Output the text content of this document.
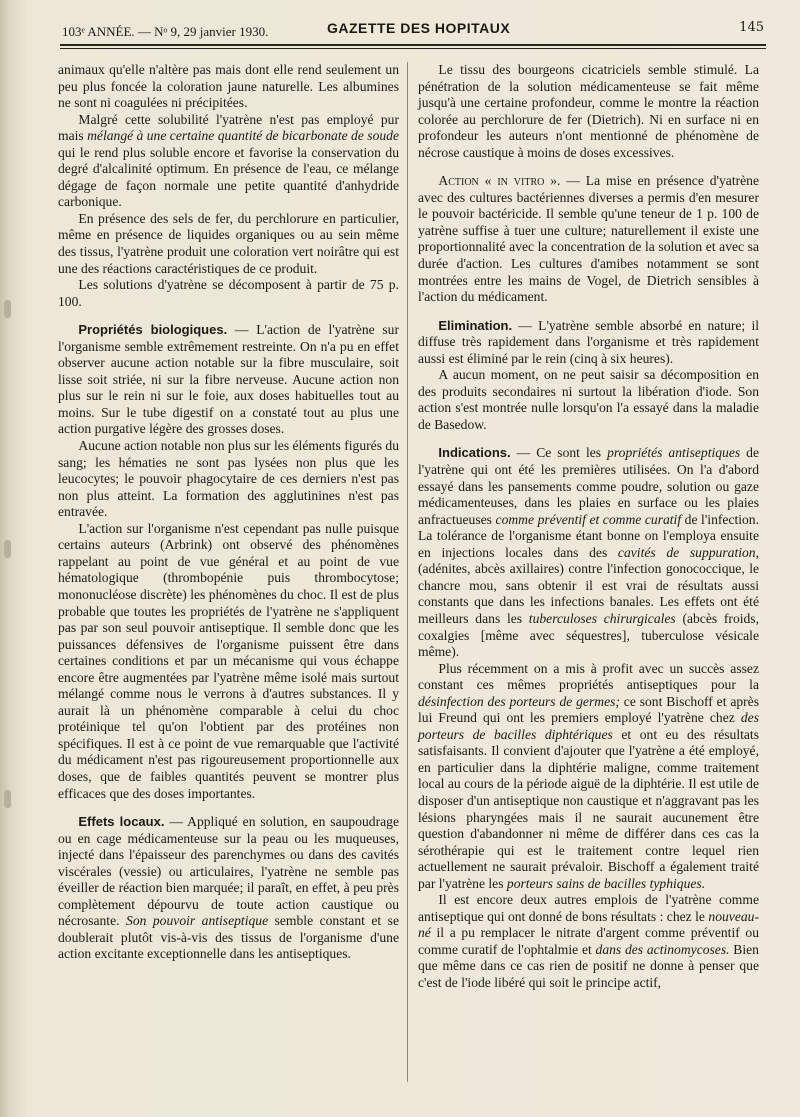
103ᵉ ANNÉE. — Nᵒ 9, 29 janvier 1930.	GAZETTE DES HOPITAUX	145

animaux qu'elle n'altère pas mais dont elle rend seulement un peu plus foncée la coloration jaune naturelle. Les albumines ne sont ni coagulées ni précipitées.

Malgré cette solubilité l'yatrène n'est pas employé pur mais mélangé à une certaine quantité de bicarbonate de soude qui le rend plus soluble encore et favorise la conservation du degré d'alcalinité optimum. En présence de l'eau, ce mélange dégage de façon normale une petite quantité d'anhydride carbonique.

En présence des sels de fer, du perchlorure en particulier, même en présence de liquides organiques ou au sein même des tissus, l'yatrène produit une coloration vert noirâtre qui est une des réactions caractéristiques de ce produit.

Les solutions d'yatrène se décomposent à partir de 75 p. 100.

Propriétés biologiques. — L'action de l'yatrène sur l'organisme semble extrêmement restreinte. On n'a pu en effet observer aucune action notable sur la fibre musculaire, soit lisse soit striée, ni sur la fibre nerveuse. Aucune action non plus sur le rein ni sur le foie, aux doses habituelles tout au moins. Sur le tube digestif on a constaté tout au plus une action purgative légère des grosses doses.

Aucune action notable non plus sur les éléments figurés du sang; les hématies ne sont pas lysées non plus que les leucocytes; le pouvoir phagocytaire de ces derniers n'est pas non plus atteint. La formation des agglutinines n'est pas entravée.

L'action sur l'organisme n'est cependant pas nulle puisque certains auteurs (Arbrink) ont observé des phénomènes rappelant au point de vue général et au point de vue hématologique (thrombopénie puis thrombocytose; mononucléose discrète) les phénomènes du choc. Il est de plus probable que toutes les propriétés de l'yatrène ne s'appliquent pas par son seul pouvoir antiseptique. Il semble donc que les puissances défensives de l'organisme puissent être dans certaines conditions et par un mécanisme qui vous échappe encore être augmentées par l'yatrène même isolé mais surtout mélangé comme nous le verrons à d'autres substances. Il y aurait là un phénomène comparable à celui du choc protéinique tel qu'on l'obtient par des protéines non spécifiques. Il est à ce point de vue remarquable que l'activité du médicament n'est pas rigoureusement proportionnelle aux doses, que de faibles quantités peuvent se montrer plus efficaces que des doses importantes.

Effets locaux. — Appliqué en solution, en saupoudrage ou en cage médicamenteuse sur la peau ou les muqueuses, injecté dans l'épaisseur des parenchymes ou dans des cavités viscérales (vessie) ou articulaires, l'yatrène ne semble pas éveiller de réaction bien marquée; il paraît, en effet, à peu près complètement dépourvu de toute action caustique ou nécrosante. Son pouvoir antiseptique semble constant et se doublerait plutôt vis-à-vis des tissus de l'organisme d'une action excitante exceptionnelle dans les antiseptiques.

Le tissu des bourgeons cicatriciels semble stimulé. La pénétration de la solution médicamenteuse se fait même jusqu'à une certaine profondeur, comme le montre la réaction colorée au perchlorure de fer (Dietrich). Ni en surface ni en profondeur les auteurs n'ont mentionné de phénomène de nécrose caustique à moins de doses excessives.

Action « in vitro ». — La mise en présence d'yatrène avec des cultures bactériennes diverses a permis d'en mesurer le pouvoir bactéricide. Il semble qu'une teneur de 1 p. 100 de yatrène suffise à tuer une culture; naturellement il existe une proportionnalité avec la concentration de la solution et avec sa durée d'action. Les cultures d'amibes notamment se sont montrées entre les mains de Vogel, de Dietrich sensibles à l'action du médicament.

Elimination. — L'yatrène semble absorbé en nature; il diffuse très rapidement dans l'organisme et très rapidement aussi est éliminé par le rein (cinq à six heures).

A aucun moment, on ne peut saisir sa décomposition en des produits secondaires ni surtout la libération d'iode. Son action s'est montrée nulle lorsqu'on l'a essayé dans la maladie de Basedow.

Indications. — Ce sont les propriétés antiseptiques de l'yatrène qui ont été les premières utilisées. On l'a d'abord essayé dans les pansements comme poudre, solution ou gaze médicamenteuses, dans les plaies en surface ou les plaies anfractueuses comme préventif et comme curatif de l'infection. La tolérance de l'organisme étant bonne on l'employa ensuite en injections locales dans des cavités de suppuration, (adénites, abcès axillaires) contre l'infection gonococcique, le chancre mou, sans obtenir il est vrai de résultats aussi constants que dans les infections banales. Les effets ont été meilleurs dans les tuberculoses chirurgicales (abcès froids, coxalgies [même avec séquestres], tuberculose vésicale même).

Plus récemment on a mis à profit avec un succès assez constant ces mêmes propriétés antiseptiques pour la désinfection des porteurs de germes; ce sont Bischoff et après lui Freund qui ont les premiers employé l'yatrène chez des porteurs de bacilles diphtériques et ont eu des résultats satisfaisants. Il convient d'ajouter que l'yatrène a été employé, en particulier dans la diphtérie maligne, comme traitement local au cours de la période aiguë de la diphtérie. Il est utile de disposer d'un antiseptique non caustique et n'aggravant pas les lésions pharyngées mais il ne saurait aucunement être question d'abandonner ni même de différer dans ces cas la sérothérapie qui est le traitement contre lequel rien actuellement ne saurait prévaloir. Bischoff a également traité par l'yatrène les porteurs sains de bacilles typhiques.

Il est encore deux autres emplois de l'yatrène comme antiseptique qui ont donné de bons résultats : chez le nouveau-né il a pu remplacer le nitrate d'argent comme préventif ou comme curatif de l'ophtalmie et dans des actinomycoses. Bien que même dans ce cas rien de positif ne donne à penser que c'est de l'iode libéré qui soit le principe actif,
